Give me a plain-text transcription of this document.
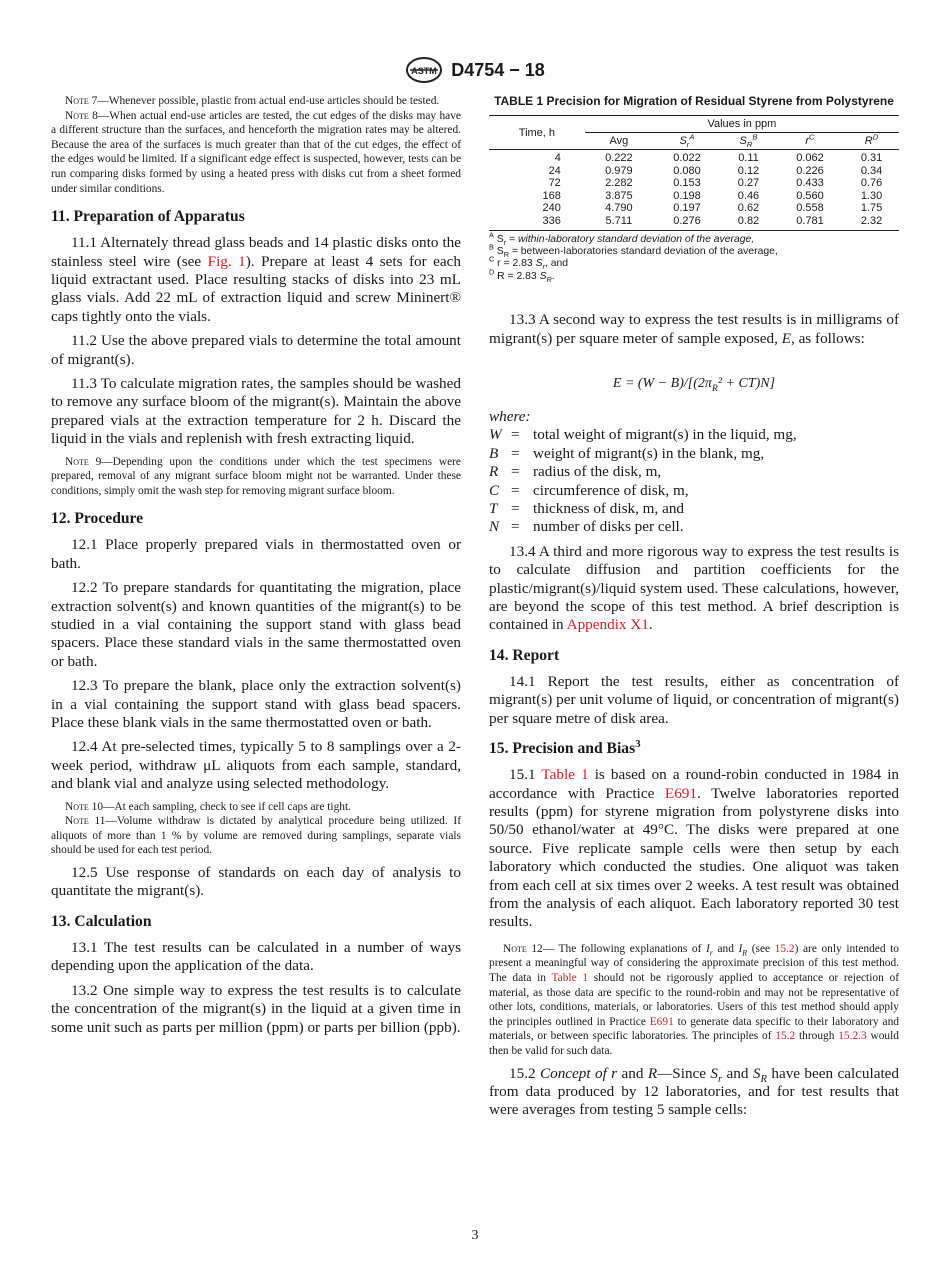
ASTM D4754 − 18

Note 7—Whenever possible, plastic from actual end-use articles should be tested.

Note 8—When actual end-use articles are tested, the cut edges of the disks may have a different structure than the surfaces, and henceforth the migration rates may be altered. Because the area of the surfaces is much greater than that of the cut edges, the effect of the edges would be limited. If a significant edge effect is suspected, however, tests can be run comparing disks formed by using a heated press with disks cut from a sheet formed under similar conditions.

11. Preparation of Apparatus

11.1 Alternately thread glass beads and 14 plastic disks onto the stainless steel wire (see Fig. 1). Prepare at least 4 sets for each liquid extractant used. Place resulting stacks of disks into 23 mL glass vials. Add 22 mL of extraction liquid and screw Mininert® caps tightly onto the vials.

11.2 Use the above prepared vials to determine the total amount of migrant(s).

11.3 To calculate migration rates, the samples should be washed to remove any surface bloom of the migrant(s). Maintain the above prepared vials at the extraction temperature for 2 h. Discard the liquid in the vials and replenish with fresh extracting liquid.

Note 9—Depending upon the conditions under which the test specimens were prepared, removal of any migrant surface bloom might not be warranted. Under these conditions, simply omit the wash step for removing migrant surface bloom.

12. Procedure

12.1 Place properly prepared vials in thermostatted oven or bath.

12.2 To prepare standards for quantitating the migration, place extraction solvent(s) and known quantities of the migrant(s) to be studied in a vial containing the support stand with glass bead spacers. Place these standard vials in the same thermostatted oven or bath.

12.3 To prepare the blank, place only the extraction solvent(s) in a vial containing the support stand with glass bead spacers. Place these blank vials in the same thermostatted oven or bath.

12.4 At pre-selected times, typically 5 to 8 samplings over a 2-week period, withdraw μL aliquots from each sample, standard, and blank vial and analyze using selected methodology.

Note 10—At each sampling, check to see if cell caps are tight.

Note 11—Volume withdraw is dictated by analytical procedure being utilized. If aliquots of more than 1 % by volume are removed during samplings, separate vials should be used for each test period.

12.5 Use response of standards on each day of analysis to quantitate the migrant(s).

13. Calculation

13.1 The test results can be calculated in a number of ways depending upon the application of the data.

13.2 One simple way to express the test results is to calculate the concentration of the migrant(s) in the liquid at a given time in some unit such as parts per million (ppm) or parts per billion (ppb).

TABLE 1 Precision for Migration of Residual Styrene from Polystyrene
Time, h	Values in ppm				
	Avg	$S_r^A$	$S_R^B$	$r^C$	$R^D$
4	0.222	0.022	0.11	0.062	0.31
24	0.979	0.080	0.12	0.226	0.34
72	2.282	0.153	0.27	0.433	0.76
168	3.875	0.198	0.46	0.560	1.30
240	4.790	0.197	0.62	0.558	1.75
336	5.711	0.276	0.82	0.781	2.32
$^A$ $S_r$ = within-laboratory standard deviation of the average,
$^B$ $S_R$ = between-laboratories standard deviation of the average,
$^C$ r = 2.83 $S_r$, and
$^D$ R = 2.83 $S_R$.

13.3 A second way to express the test results is in milligrams of migrant(s) per square meter of sample exposed, E, as follows:

$E = (W - B)/[(2\pi_R^2 + CT)N]$
where:
W = total weight of migrant(s) in the liquid, mg,
B = weight of migrant(s) in the blank, mg,
R = radius of the disk, m,
C = circumference of disk, m,
T = thickness of disk, m, and
N = number of disks per cell.

13.4 A third and more rigorous way to express the test results is to calculate diffusion and partition coefficients for the plastic/migrant(s)/liquid system used. These calculations, however, are beyond the scope of this test method. A brief description is contained in Appendix X1.

14. Report

14.1 Report the test results, either as concentration of migrant(s) per unit volume of liquid, or concentration of migrant(s) per square metre of disk area.

15. Precision and Bias$^3$

15.1 Table 1 is based on a round-robin conducted in 1984 in accordance with Practice E691. Twelve laboratories reported results (ppm) for styrene migration from polystyrene disks into 50/50 ethanol/water at 49°C. The disks were prepared at one source. Five replicate sample cells were then setup by each laboratory which conducted the studies. One aliquot was taken from each cell at six times over 2 weeks. A test result was obtained from the analysis of each aliquot. Each laboratory reported 30 test results.

Note 12— The following explanations of $I_r$ and $I_R$ (see 15.2) are only intended to present a meaningful way of considering the approximate precision of this test method. The data in Table 1 should not be rigorously applied to acceptance or rejection of material, as those data are specific to the round-robin and may not be representative of other lots, conditions, materials, or laboratories. Users of this test method should apply the principles outlined in Practice E691 to generate data specific to their laboratory and materials, or between specific laboratories. The principles of 15.2 through 15.2.3 would then be valid for such data.

15.2 Concept of r and R—Since $S_r$ and $S_R$ have been calculated from data produced by 12 laboratories, and for test results that were averages from testing 5 sample cells:

3
